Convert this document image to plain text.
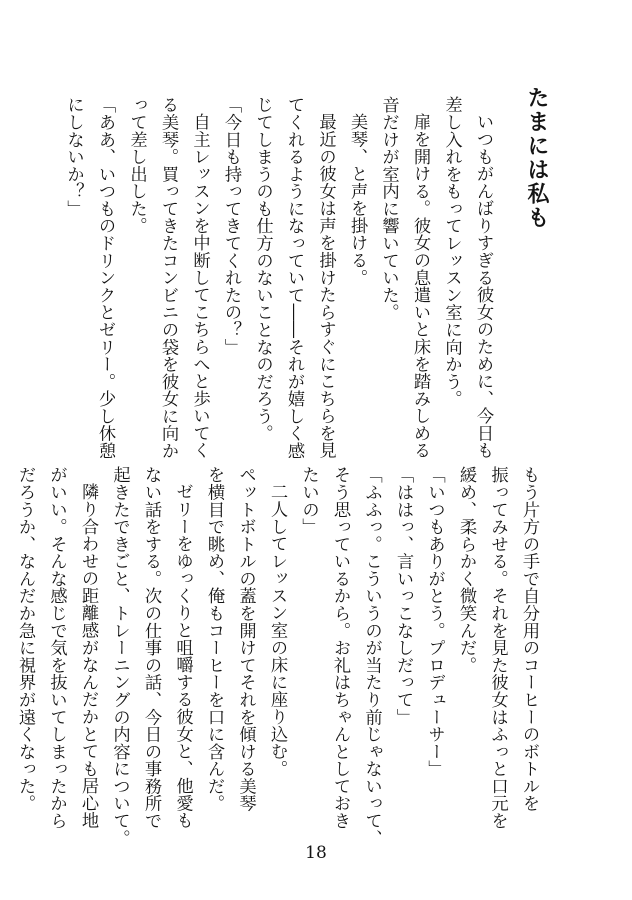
たまには私も
いつもがんばりすぎる彼女のために、今日も
差し入れをもってレッスン室に向かう。
扉を開ける。彼女の息遣いと床を踏みしめる
音だけが室内に響いていた。
美琴、と声を掛ける。
最近の彼女は声を掛けたらすぐにこちらを見
てくれるようになっていて――それが嬉しく感
じてしまうのも仕方のないことなのだろう。
「今日も持ってきてくれたの？」
自主レッスンを中断してこちらへと歩いてく
る美琴。買ってきたコンビニの袋を彼女に向か
って差し出した。
「ああ、いつものドリンクとゼリー。少し休憩
にしないか？」
もう片方の手で自分用のコーヒーのボトルを
振ってみせる。それを見た彼女はふっと口元を
緩め、柔らかく微笑んだ。
「いつもありがとう。プロデューサー」
「ははっ、言いっこなしだって」
「ふふっ。こういうのが当たり前じゃないって、
そう思っているから。お礼はちゃんとしておき
たいの」
二人してレッスン室の床に座り込む。
ペットボトルの蓋を開けてそれを傾ける美琴
を横目で眺め、俺もコーヒーを口に含んだ。
ゼリーをゆっくりと咀嚼する彼女と、他愛も
ない話をする。次の仕事の話、今日の事務所で
起きたできごと、トレーニングの内容について。
隣り合わせの距離感がなんだかとても居心地
がいい。そんな感じで気を抜いてしまったから
だろうか、なんだか急に視界が遠くなった。
18
